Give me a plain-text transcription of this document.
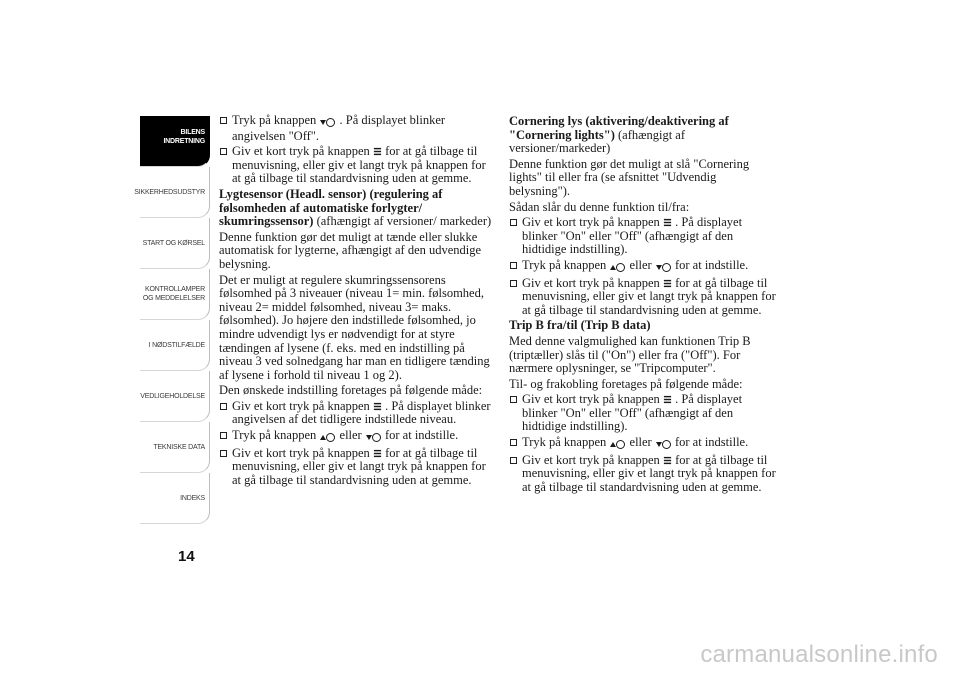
BILENS
INDRETNING
SIKKERHEDSUDSTYR
START OG KØRSEL
KONTROLLAMPER
OG MEDDELELSER
I NØDSTILFÆLDE
VEDLIGEHOLDELSE
TEKNISKE DATA
INDEKS
14
Tryk på knappen . På displayet blinker angivelsen "Off".
Giv et kort tryk på knappen for at gå tilbage til menuvisning, eller giv et langt tryk på knappen for at gå tilbage til standardvisning uden at gemme.
Lygtesensor (Headl. sensor) (regulering af følsomheden af automatiske forlygter/ skumringssensor) (afhængigt af versioner/ markeder)

Denne funktion gør det muligt at tænde eller slukke automatisk for lygterne, afhængigt af den udvendige belysning.

Det er muligt at regulere skumringssensorens følsomhed på 3 niveauer (niveau 1= min. følsomhed, niveau 2= middel følsomhed, niveau 3= maks. følsomhed). Jo højere den indstillede følsomhed, jo mindre udvendigt lys er nødvendigt for at styre tændingen af lysene (f. eks. med en indstilling på niveau 3 ved solnedgang har man en tidligere tænding af lysene i forhold til niveau 1 og 2).

Den ønskede indstilling foretages på følgende måde:

Giv et kort tryk på knappen . På displayet blinker angivelsen af det tidligere indstillede niveau.
Tryk på knappen eller for at indstille.
Giv et kort tryk på knappen for at gå tilbage til menuvisning, eller giv et langt tryk på knappen for at gå tilbage til standardvisning uden at gemme.
Cornering lys (aktivering/deaktivering af "Cornering lights") (afhængigt af versioner/markeder)

Denne funktion gør det muligt at slå "Cornering lights" til eller fra (se afsnittet "Udvendig belysning").

Sådan slår du denne funktion til/fra:

Giv et kort tryk på knappen . På displayet blinker "On" eller "Off" (afhængigt af den hidtidige indstilling).
Tryk på knappen eller for at indstille.
Giv et kort tryk på knappen for at gå tilbage til menuvisning, eller giv et langt tryk på knappen for at gå tilbage til standardvisning uden at gemme.
Trip B fra/til (Trip B data)

Med denne valgmulighed kan funktionen Trip B (triptæller) slås til ("On") eller fra ("Off"). For nærmere oplysninger, se "Tripcomputer".

Til- og frakobling foretages på følgende måde:

Giv et kort tryk på knappen . På displayet blinker "On" eller "Off" (afhængigt af den hidtidige indstilling).
Tryk på knappen eller for at indstille.
Giv et kort tryk på knappen for at gå tilbage til menuvisning, eller giv et langt tryk på knappen for at gå tilbage til standardvisning uden at gemme.
carmanualsonline.info
